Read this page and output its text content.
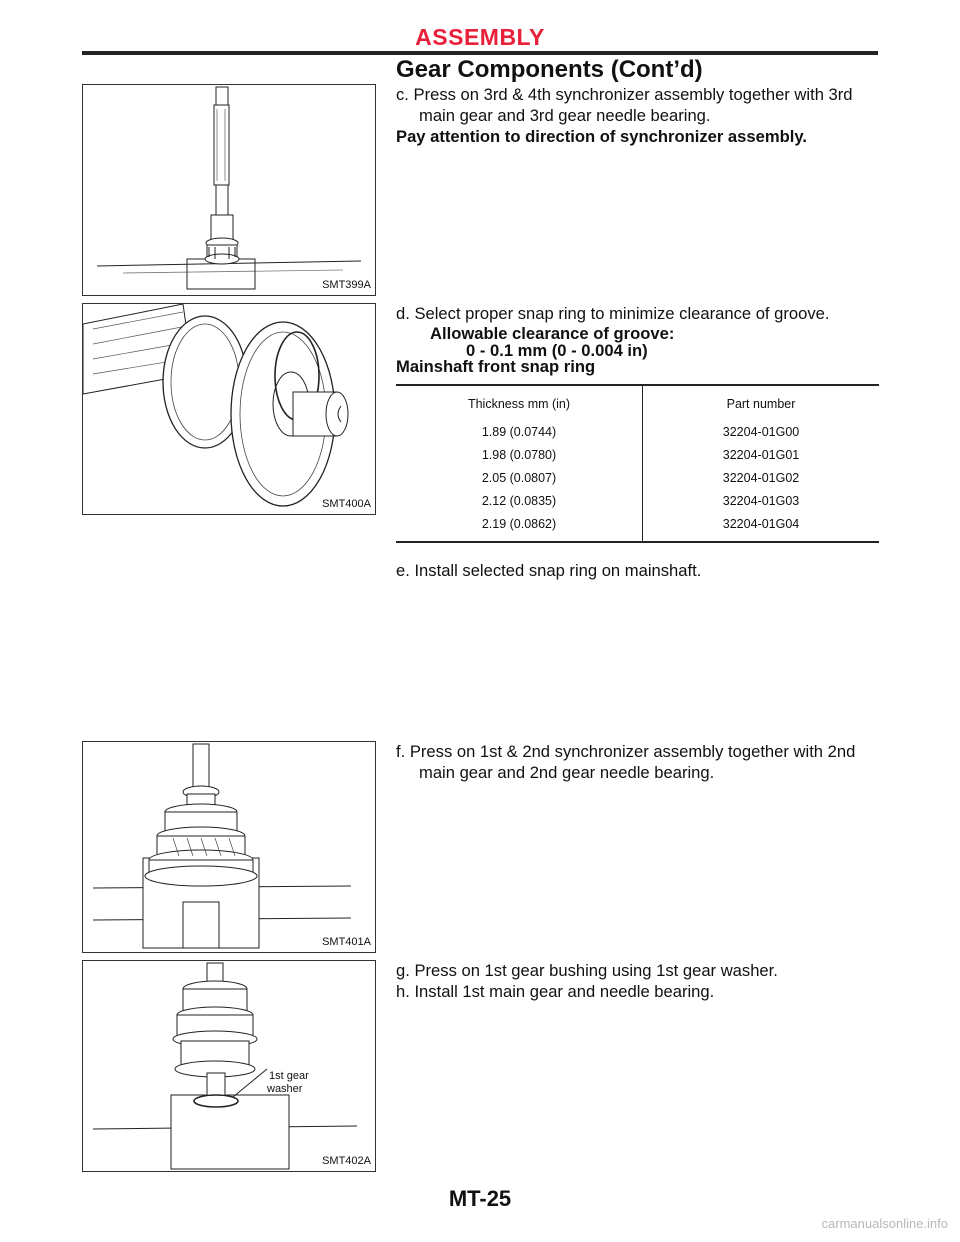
ASSEMBLY
Gear Components (Cont’d)
SMT399A
c. Press on 3rd & 4th synchronizer assembly together with 3rd
main gear and 3rd gear needle bearing.
Pay attention to direction of synchronizer assembly.
SMT400A
d. Select proper snap ring to minimize clearance of groove.
Allowable clearance of groove:
0 - 0.1 mm (0 - 0.004 in)
Mainshaft front snap ring
Thickness mm (in)	Part number
1.89 (0.0744)	32204-01G00
1.98 (0.0780)	32204-01G01
2.05 (0.0807)	32204-01G02
2.12 (0.0835)	32204-01G03
2.19 (0.0862)	32204-01G04
e. Install selected snap ring on mainshaft.
SMT401A
f. Press on 1st & 2nd synchronizer assembly together with 2nd
main gear and 2nd gear needle bearing.
1st gear
washer
SMT402A
g. Press on 1st gear bushing using 1st gear washer.
h. Install 1st main gear and needle bearing.
MT-25
carmanualsonline.info
